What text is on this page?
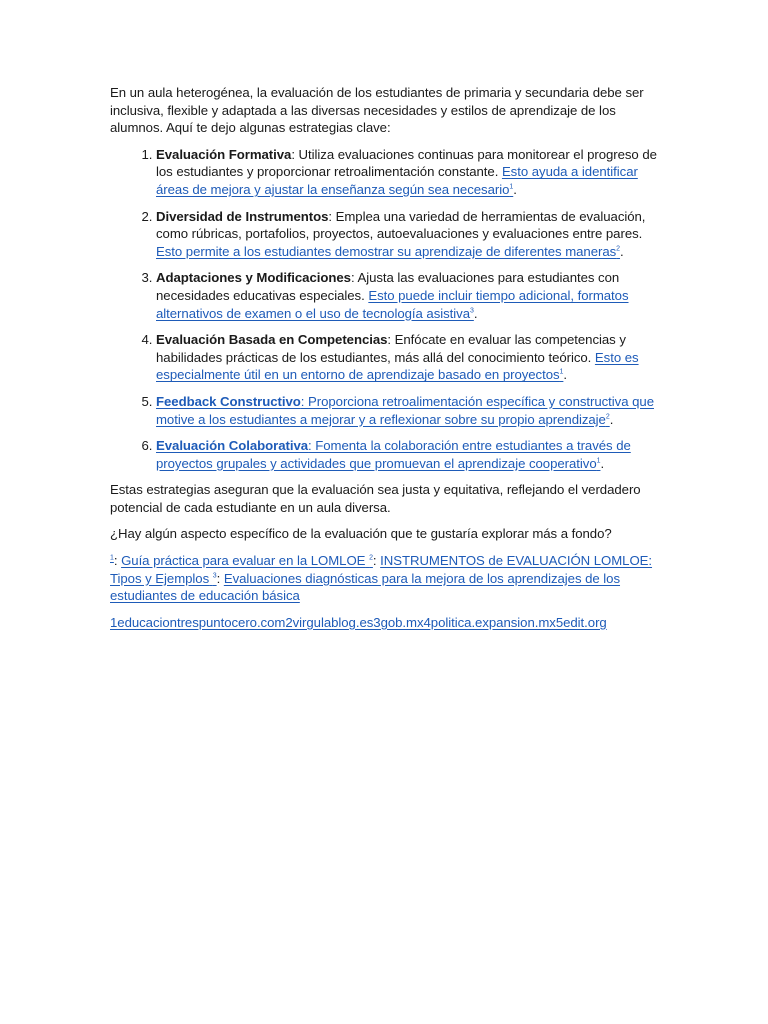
En un aula heterogénea, la evaluación de los estudiantes de primaria y secundaria debe ser inclusiva, flexible y adaptada a las diversas necesidades y estilos de aprendizaje de los alumnos. Aquí te dejo algunas estrategias clave:

1. Evaluación Formativa: Utiliza evaluaciones continuas para monitorear el progreso de los estudiantes y proporcionar retroalimentación constante. Esto ayuda a identificar áreas de mejora y ajustar la enseñanza según sea necesario$^1$.
2. Diversidad de Instrumentos: Emplea una variedad de herramientas de evaluación, como rúbricas, portafolios, proyectos, autoevaluaciones y evaluaciones entre pares. Esto permite a los estudiantes demostrar su aprendizaje de diferentes maneras$^2$.
3. Adaptaciones y Modificaciones: Ajusta las evaluaciones para estudiantes con necesidades educativas especiales. Esto puede incluir tiempo adicional, formatos alternativos de examen o el uso de tecnología asistiva$^3$.
4. Evaluación Basada en Competencias: Enfócate en evaluar las competencias y habilidades prácticas de los estudiantes, más allá del conocimiento teórico. Esto es especialmente útil en un entorno de aprendizaje basado en proyectos$^1$.
5. Feedback Constructivo: Proporciona retroalimentación específica y constructiva que motive a los estudiantes a mejorar y a reflexionar sobre su propio aprendizaje$^2$.
6. Evaluación Colaborativa: Fomenta la colaboración entre estudiantes a través de proyectos grupales y actividades que promuevan el aprendizaje cooperativo$^1$.

Estas estrategias aseguran que la evaluación sea justa y equitativa, reflejando el verdadero potencial de cada estudiante en un aula diversa.

¿Hay algún aspecto específico de la evaluación que te gustaría explorar más a fondo?

$^1$: Guía práctica para evaluar en la LOMLOE $^2$: INSTRUMENTOS de EVALUACIÓN LOMLOE: Tipos y Ejemplos $^3$: Evaluaciones diagnósticas para la mejora de los aprendizajes de los estudiantes de educación básica

1educaciontrespuntocero.com2virgulablog.es3gob.mx4politica.expansion.mx5edit.org
